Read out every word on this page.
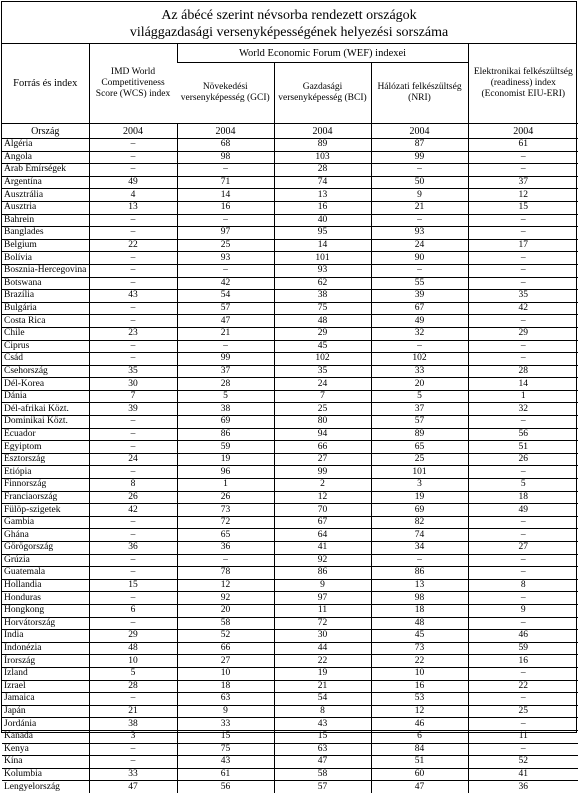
Az ábécé szerint névsorba rendezett országok
világgazdasági versenyképességének helyezési sorszáma
Forrás és index	IMD World Competitiveness Score (WCS) index	World Economic Forum (WEF) indexei			Elektronikai felkészültség (readiness) index (Economist EIU-ERI)
		Növekedési versenyképesség (GCI)	Gazdasági versenyképesség (BCI)	Hálózati felkészültség (NRI)	
Ország	2004	2004	2004	2004	2004
Algéria	–	68	89	87	61
Angola	–	98	103	99	–
Arab Emírségek	–	–	28	–	–
Argentína	49	71	74	50	37
Ausztrália	4	14	13	9	12
Ausztria	13	16	16	21	15
Bahrein	–	–	40	–	–
Banglades	–	97	95	93	–
Belgium	22	25	14	24	17
Bolívia	–	93	101	90	–
Bosznia-Hercegovina	–	–	93	–	–
Botswana	–	42	62	55	–
Brazília	43	54	38	39	35
Bulgária	–	57	75	67	42
Costa Rica	–	47	48	49	–
Chile	23	21	29	32	29
Ciprus	–	–	45	–	–
Csád	–	99	102	102	–
Csehország	35	37	35	33	28
Dél-Korea	30	28	24	20	14
Dánia	7	5	7	5	1
Dél-afrikai Közt.	39	38	25	37	32
Dominikai Közt.	–	69	80	57	–
Ecuador	–	86	94	89	56
Egyiptom	–	59	66	65	51
Észtország	24	19	27	25	26
Etiópia	–	96	99	101	–
Finnország	8	1	2	3	5
Franciaország	26	26	12	19	18
Fülöp-szigetek	42	73	70	69	49
Gambia	–	72	67	82	–
Ghána	–	65	64	74	–
Görögország	36	36	41	34	27
Grúzia	–	–	92	–	–
Guatemala	–	78	86	86	–
Hollandia	15	12	9	13	8
Honduras	–	92	97	98	–
Hongkong	6	20	11	18	9
Horvátország	–	58	72	48	–
India	29	52	30	45	46
Indonézia	48	66	44	73	59
Írország	10	27	22	22	16
Izland	5	10	19	10	–
Izrael	28	18	21	16	22
Jamaica	–	63	54	53	–
Japán	21	9	8	12	25
Jordánia	38	33	43	46	–
Kanada	3	15	15	6	11
Kenya	–	75	63	84	–
Kína	–	43	47	51	52
Kolumbia	33	61	58	60	41
Lengyelország	47	56	57	47	36
